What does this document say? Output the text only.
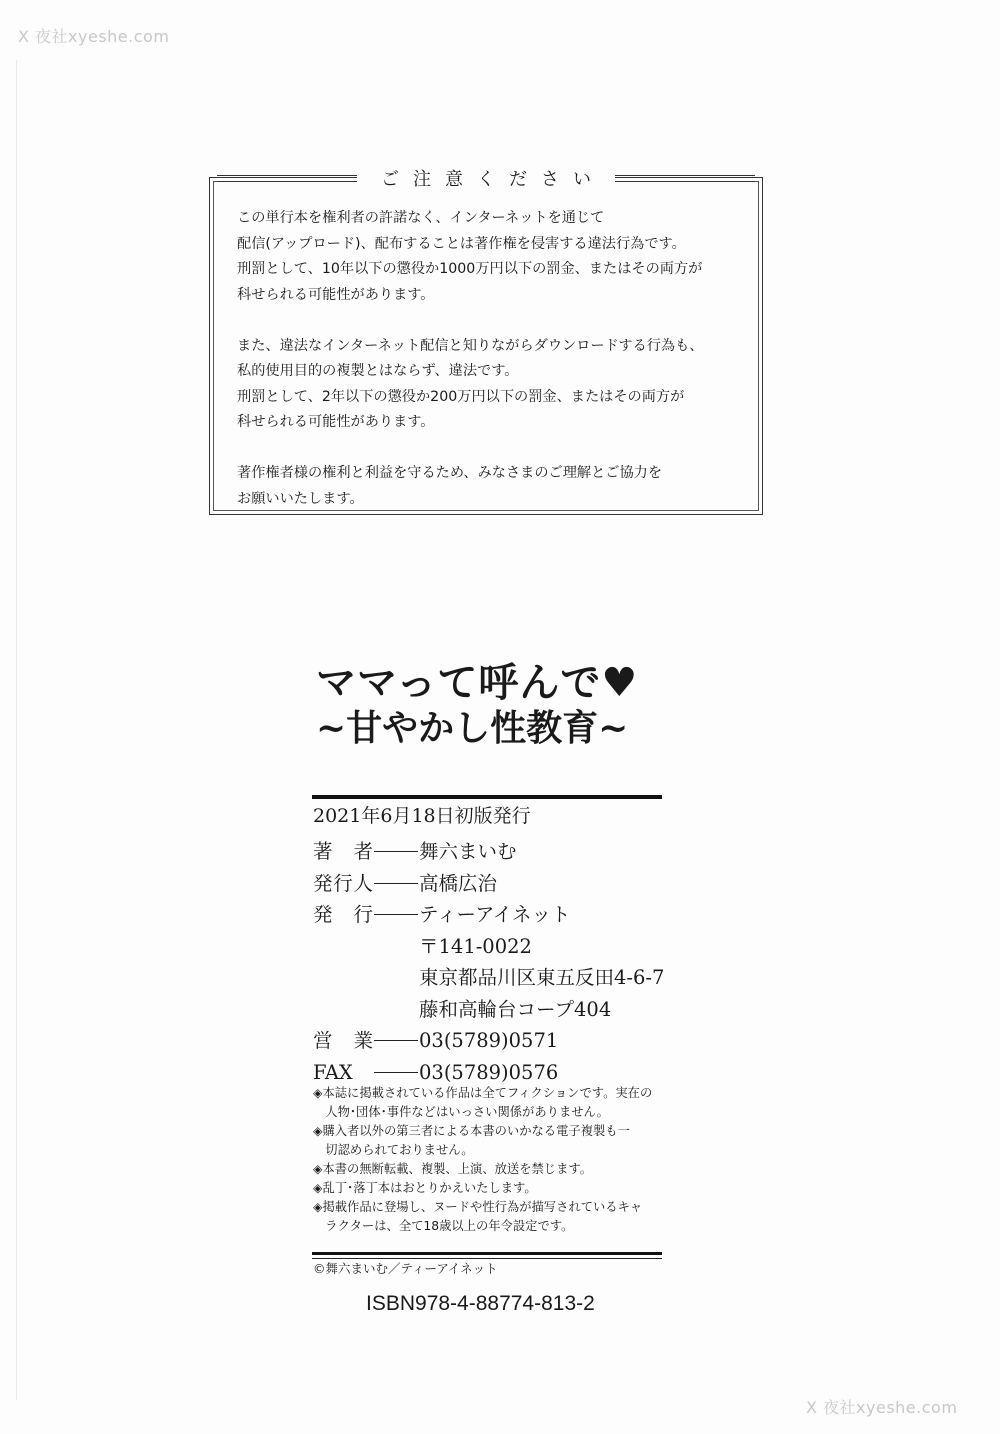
X 夜社xyeshe.com
X 夜社xyeshe.com
ご注意ください
この単行本を権利者の許諾なく、インターネットを通じて
配信(アップロード)、配布することは著作権を侵害する違法行為です。
刑罰として、10年以下の懲役か1000万円以下の罰金、またはその両方が
科せられる可能性があります。
また、違法なインターネット配信と知りながらダウンロードする行為も、
私的使用目的の複製とはならず、違法です。
刑罰として、2年以下の懲役か200万円以下の罰金、またはその両方が
科せられる可能性があります。
著作権者様の権利と利益を守るため、みなさまのご理解とご協力を
お願いいたします。
ママって呼んで♥
~甘やかし性教育~
2021年6月18日初版発行
著　者 舞六まいむ
発行人 高橋広治
発　行 ティーアイネット
〒141-0022
東京都品川区東五反田4-6-7
藤和高輪台コープ404
営　業 03(5789)0571
FAX	03(5789)0576
◈本誌に掲載されている作品は全てフィクションです。実在の
　人物･団体･事件などはいっさい関係がありません。
◈購入者以外の第三者による本書のいかなる電子複製も一
　切認められておりません。
◈本書の無断転載、複製、上演、放送を禁じます。
◈乱丁･落丁本はおとりかえいたします。
◈掲載作品に登場し、ヌードや性行為が描写されているキャ
　ラクターは、全て18歳以上の年令設定です。
©舞六まいむ／ティーアイネット
ISBN978-4-88774-813-2
